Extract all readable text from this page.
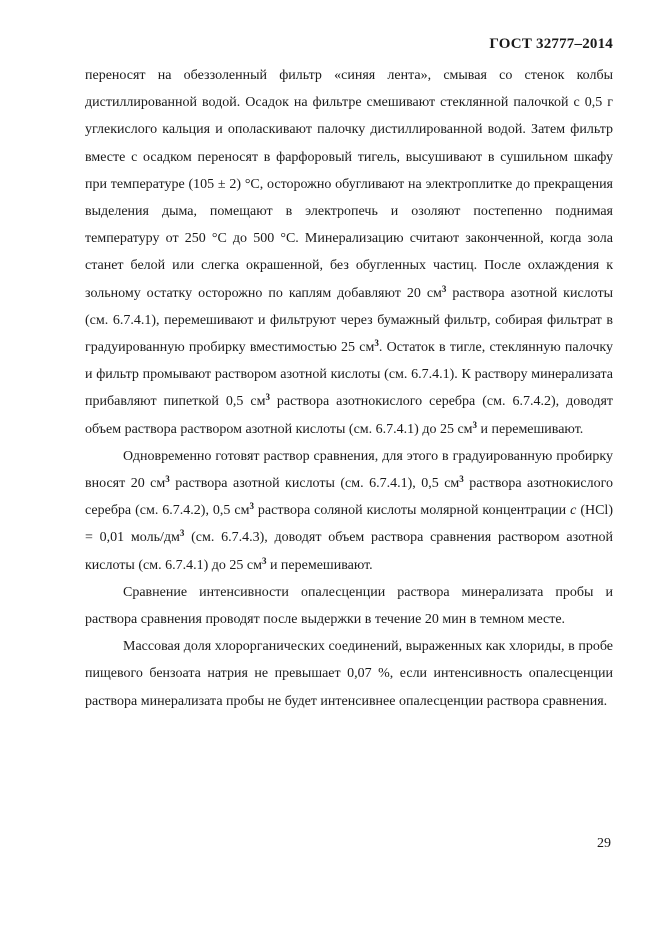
ГОСТ 32777–2014

переносят на обеззоленный фильтр «синяя лента», смывая со стенок колбы дистиллированной водой. Осадок на фильтре смешивают стеклянной палочкой с 0,5 г углекислого кальция и ополаскивают палочку дистиллированной водой. Затем фильтр вместе с осадком переносят в фарфоровый тигель, высушивают в сушильном шкафу при температуре (105 ± 2) °С, осторожно обугливают на электроплитке до прекращения выделения дыма, помещают в электропечь и озоляют постепенно поднимая температуру от 250 °С до 500 °С. Минерализацию считают законченной, когда зола станет белой или слегка окрашенной, без обугленных частиц. После охлаждения к зольному остатку осторожно по каплям добавляют 20 $см^3$ раствора азотной кислоты (см. 6.7.4.1), перемешивают и фильтруют через бумажный фильтр, собирая фильтрат в градуированную пробирку вместимостью 25 $см^3$. Остаток в тигле, стеклянную палочку и фильтр промывают раствором азотной кислоты (см. 6.7.4.1). К раствору минерализата прибавляют пипеткой 0,5 $см^3$ раствора азотнокислого серебра (см. 6.7.4.2), доводят объем раствора раствором азотной кислоты (см. 6.7.4.1) до 25 $см^3$ и перемешивают.

Одновременно готовят раствор сравнения, для этого в градуированную пробирку вносят 20 $см^3$ раствора азотной кислоты (см. 6.7.4.1), 0,5 $см^3$ раствора азотнокислого серебра (см. 6.7.4.2), 0,5 $см^3$ раствора соляной кислоты молярной концентрации с (HCl) = 0,01 моль/$дм^3$ (см. 6.7.4.3), доводят объем раствора сравнения раствором азотной кислоты (см. 6.7.4.1) до 25 $см^3$ и перемешивают.

Сравнение интенсивности опалесценции раствора минерализата пробы и раствора сравнения проводят после выдержки в течение 20 мин в темном месте.

Массовая доля хлорорганических соединений, выраженных как хлориды, в пробе пищевого бензоата натрия не превышает 0,07 %, если интенсивность опалесценции раствора минерализата пробы не будет интенсивнее опалесценции раствора сравнения.

29
